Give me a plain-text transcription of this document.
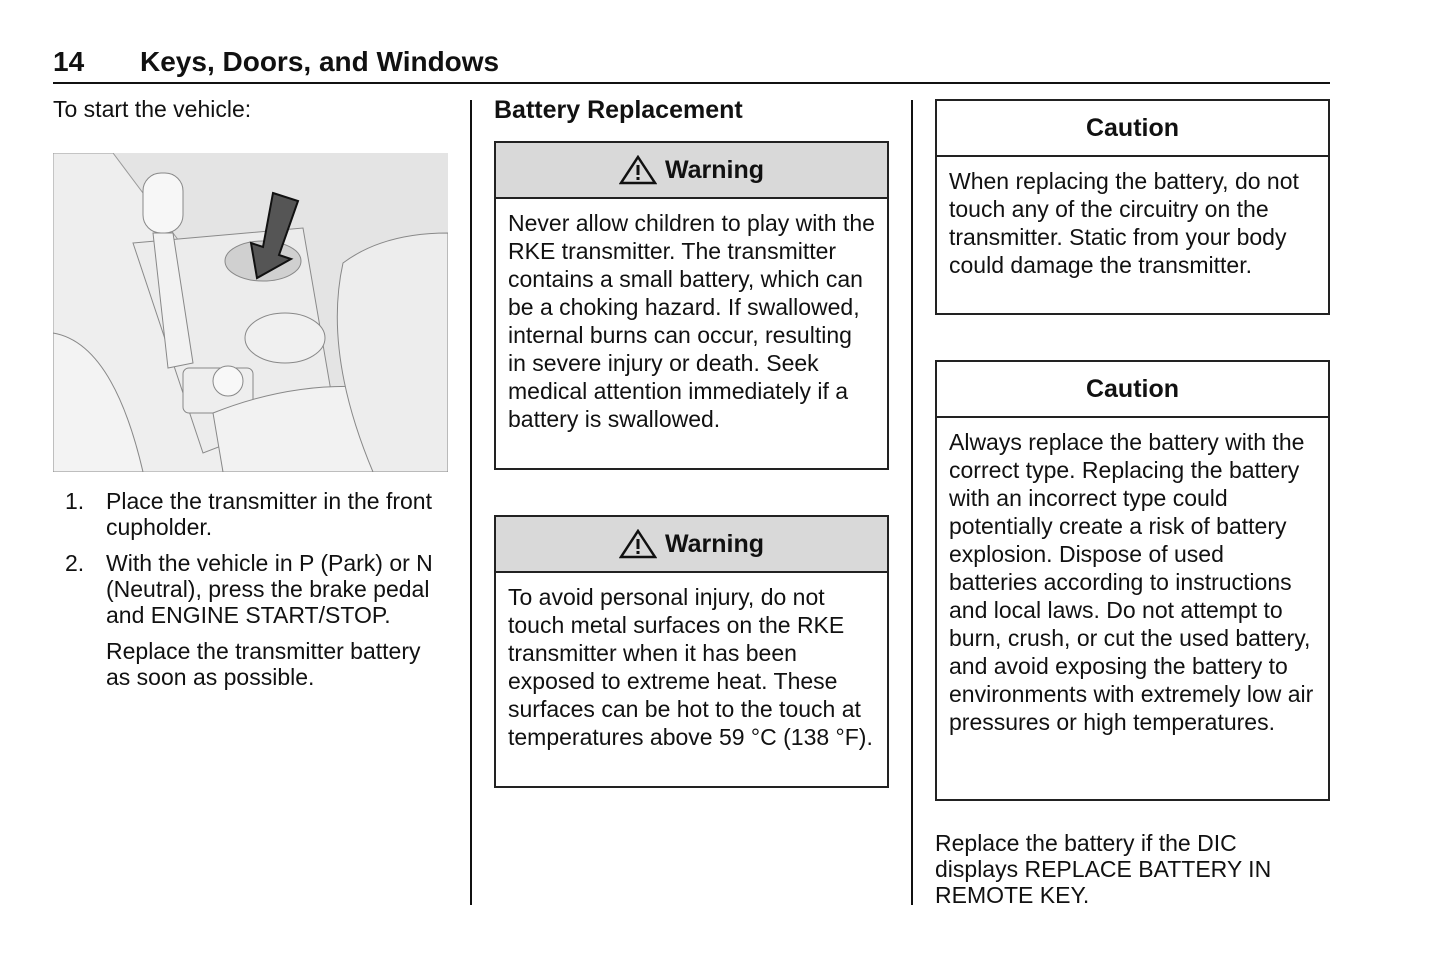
14 Keys, Doors, and Windows
To start the vehicle:
1. Place the transmitter in the front cupholder.
2. With the vehicle in P (Park) or N (Neutral), press the brake pedal and ENGINE START/STOP.
Replace the transmitter battery as soon as possible.
Battery Replacement
Warning
Never allow children to play with the RKE transmitter. The transmitter contains a small battery, which can be a choking hazard. If swallowed, internal burns can occur, resulting in severe injury or death. Seek medical attention immediately if a battery is swallowed.
Warning
To avoid personal injury, do not touch metal surfaces on the RKE transmitter when it has been exposed to extreme heat. These surfaces can be hot to the touch at temperatures above 59 °C (138 °F).
Caution
When replacing the battery, do not touch any of the circuitry on the transmitter. Static from your body could damage the transmitter.
Caution
Always replace the battery with the correct type. Replacing the battery with an incorrect type could potentially create a risk of battery explosion. Dispose of used batteries according to instructions and local laws. Do not attempt to burn, crush, or cut the used battery, and avoid exposing the battery to environments with extremely low air pressures or high temperatures.
Replace the battery if the DIC displays REPLACE BATTERY IN REMOTE KEY.
